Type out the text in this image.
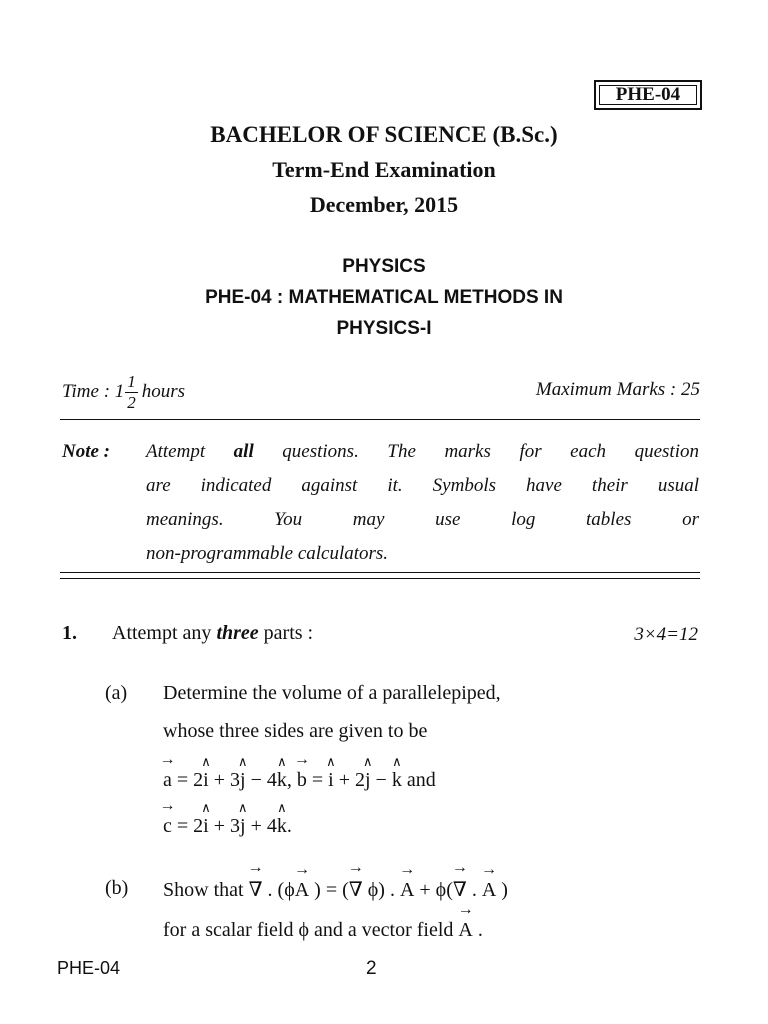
PHE-04
BACHELOR OF SCIENCE (B.Sc.)
Term-End Examination
December, 2015
PHYSICS
PHE-04 : MATHEMATICAL METHODS IN
PHYSICS-I
Time : $1 \frac{1}{2}$ hours	Maximum Marks : 25
Note : Attempt all questions. The marks for each question
are indicated against it. Symbols have their usual
meanings. You may use log tables or
non-programmable calculators.
1. Attempt any three parts :	3×4=12
(a) Determine the volume of a parallelepiped,
whose three sides are given to be
→ a = 2∧ i + 3∧ j − 4∧ k, → b = ∧ i + 2∧ j − ∧ k and
→ c = 2∧ i + 3∧ j + 4∧ k.
(b) Show that → ∇ . (ϕ→ A ) = (→ ∇ ϕ) . → A + ϕ(→ ∇ . → A )
for a scalar field ϕ and a vector field → A .
PHE-04	2
